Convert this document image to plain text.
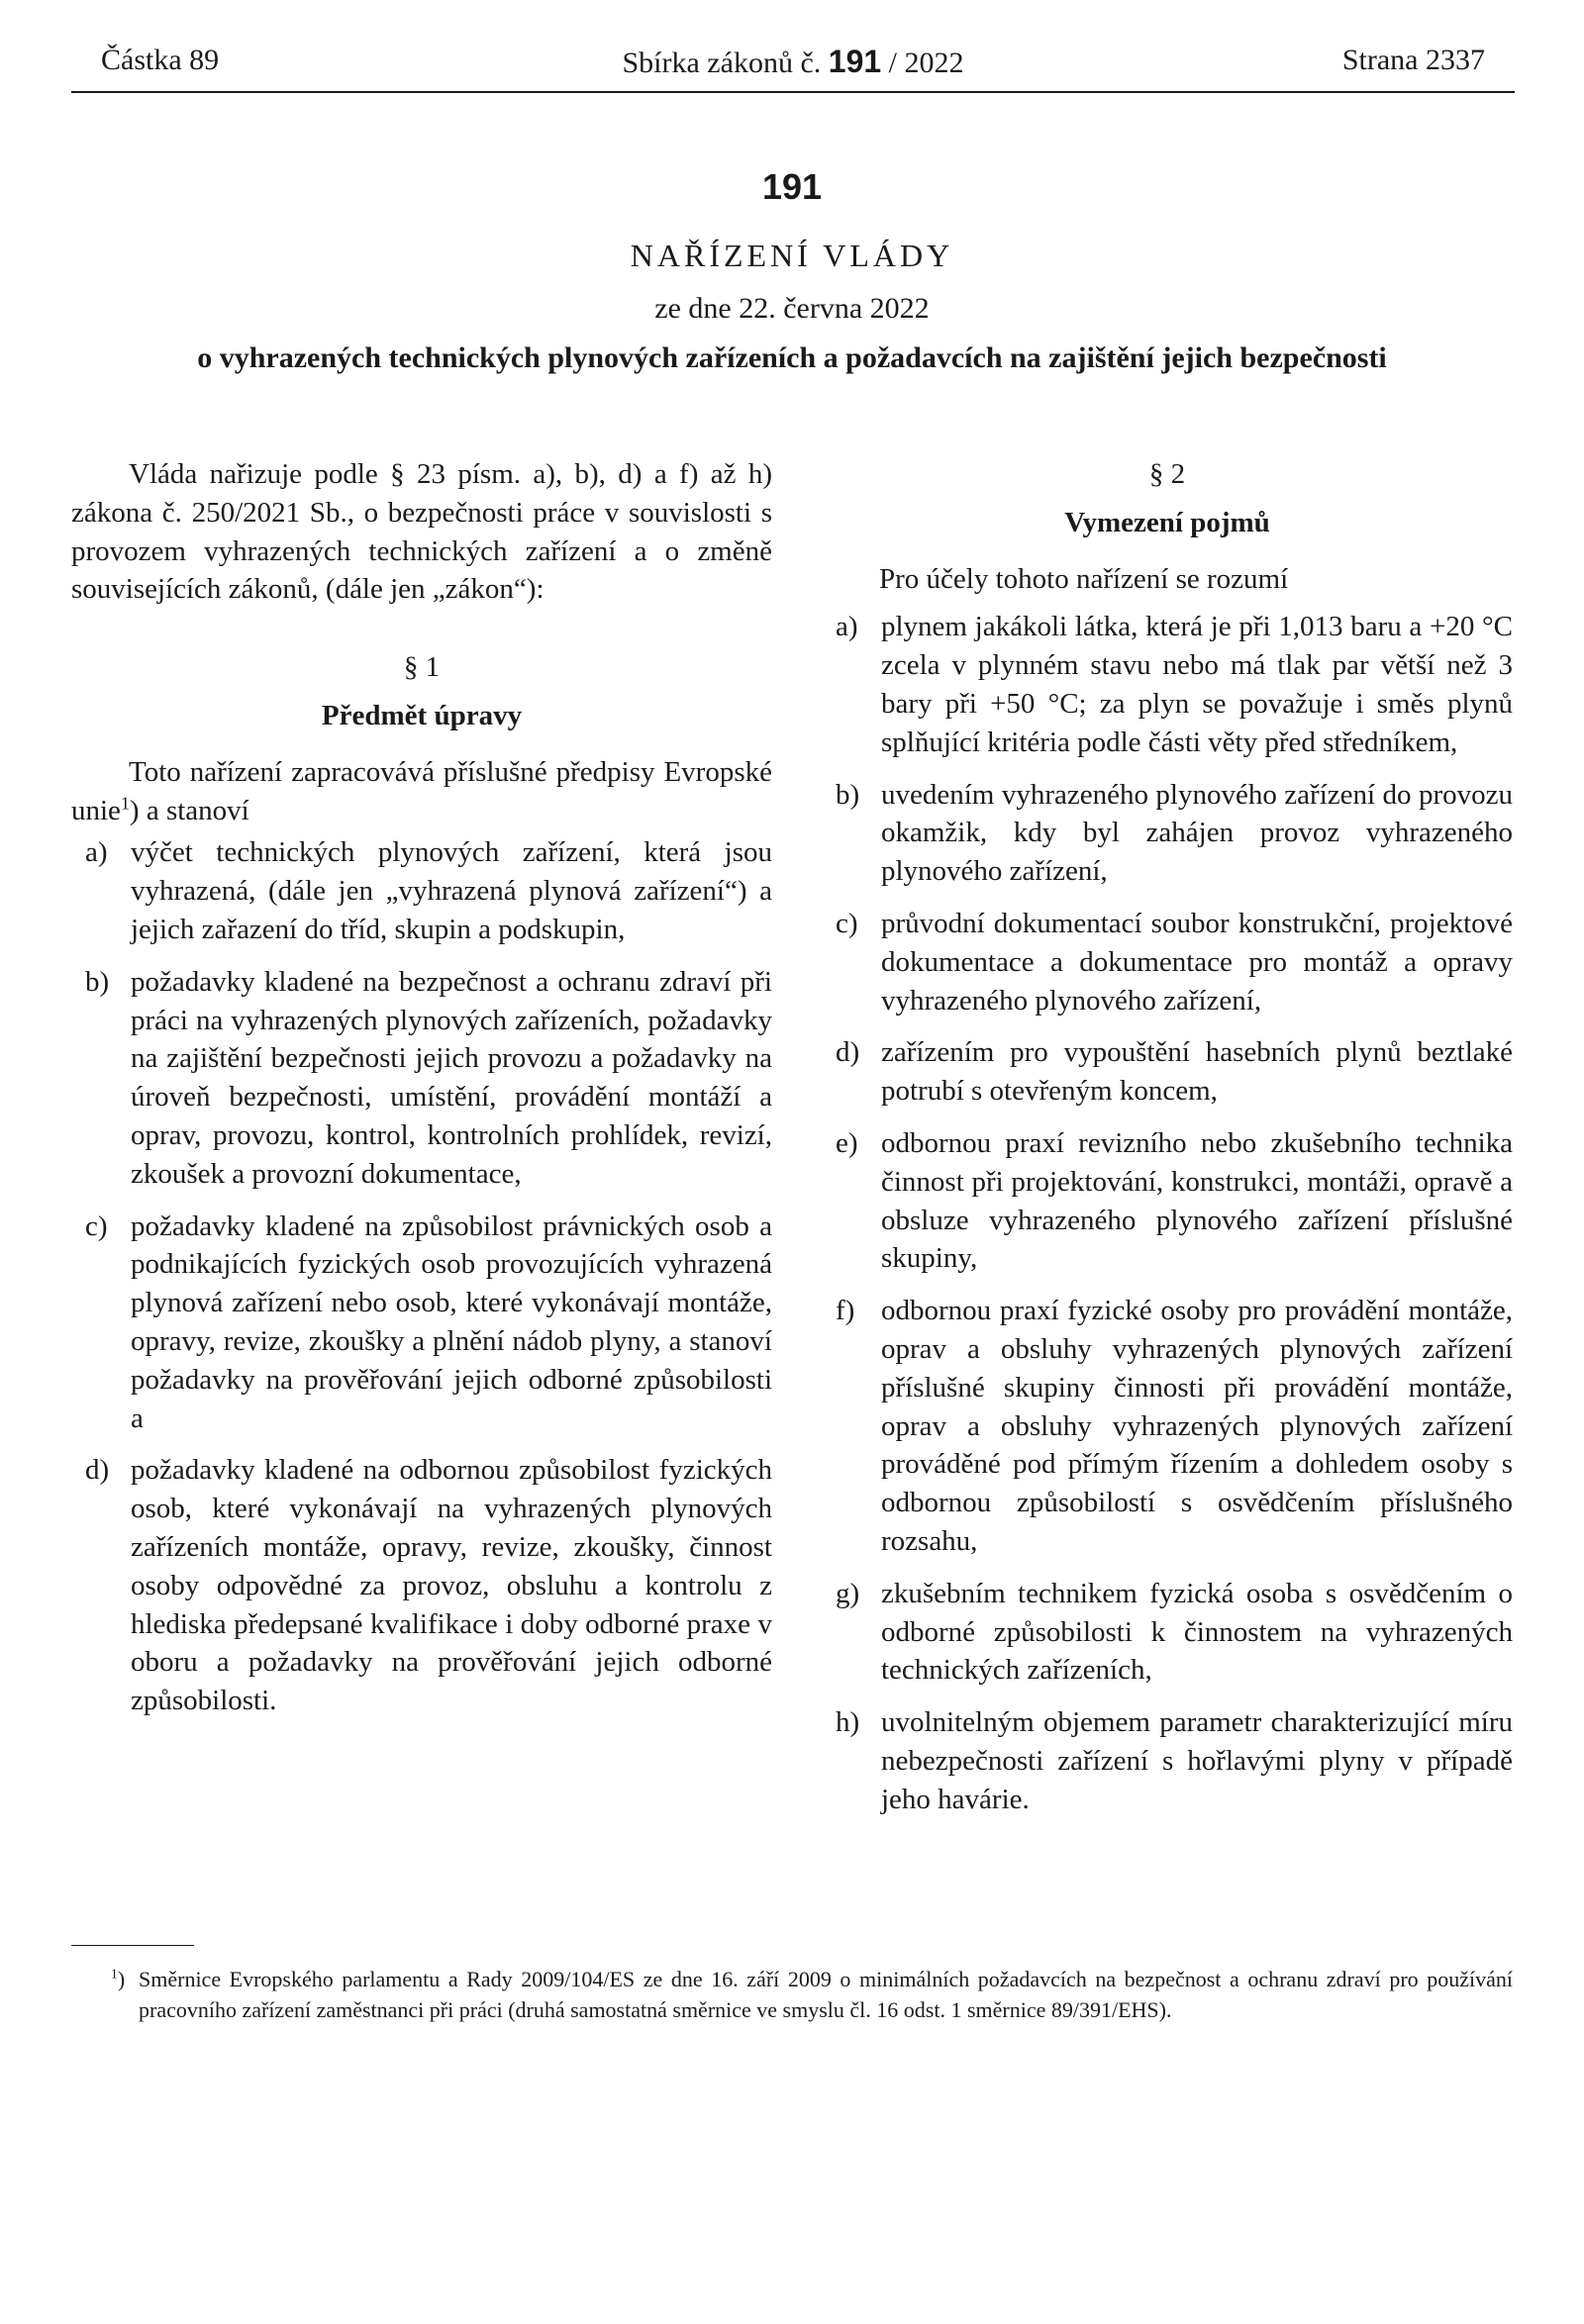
Částka 89	Sbírka zákonů č. 191 / 2022	Strana 2337
191
NAŘÍZENÍ VLÁDY
ze dne 22. června 2022
o vyhrazených technických plynových zařízeních a požadavcích na zajištění jejich bezpečnosti

Vláda nařizuje podle § 23 písm. a), b), d) a f) až h) zákona č. 250/2021 Sb., o bezpečnosti práce v souvislosti s provozem vyhrazených technických zařízení a o změně souvisejících zákonů, (dále jen „zákon“):

§ 1

Předmět úpravy

Toto nařízení zapracovává příslušné předpisy Evropské unie$^1$) a stanoví

a) výčet technických plynových zařízení, která jsou vyhrazená, (dále jen „vyhrazená plynová zařízení“) a jejich zařazení do tříd, skupin a podskupin,
b) požadavky kladené na bezpečnost a ochranu zdraví při práci na vyhrazených plynových zařízeních, požadavky na zajištění bezpečnosti jejich provozu a požadavky na úroveň bezpečnosti, umístění, provádění montáží a oprav, provozu, kontrol, kontrolních prohlídek, revizí, zkoušek a provozní dokumentace,
c) požadavky kladené na způsobilost právnických osob a podnikajících fyzických osob provozujících vyhrazená plynová zařízení nebo osob, které vykonávají montáže, opravy, revize, zkoušky a plnění nádob plyny, a stanoví požadavky na prověřování jejich odborné způsobilosti a
d) požadavky kladené na odbornou způsobilost fyzických osob, které vykonávají na vyhrazených plynových zařízeních montáže, opravy, revize, zkoušky, činnost osoby odpovědné za provoz, obsluhu a kontrolu z hlediska předepsané kvalifikace i doby odborné praxe v oboru a požadavky na prověřování jejich odborné způsobilosti.

§ 2

Vymezení pojmů

Pro účely tohoto nařízení se rozumí

a) plynem jakákoli látka, která je při 1,013 baru a +20 °C zcela v plynném stavu nebo má tlak par větší než 3 bary při +50 °C; za plyn se považuje i směs plynů splňující kritéria podle části věty před středníkem,
b) uvedením vyhrazeného plynového zařízení do provozu okamžik, kdy byl zahájen provoz vyhrazeného plynového zařízení,
c) průvodní dokumentací soubor konstrukční, projektové dokumentace a dokumentace pro montáž a opravy vyhrazeného plynového zařízení,
d) zařízením pro vypouštění hasebních plynů beztlaké potrubí s otevřeným koncem,
e) odbornou praxí revizního nebo zkušebního technika činnost při projektování, konstrukci, montáži, opravě a obsluze vyhrazeného plynového zařízení příslušné skupiny,
f) odbornou praxí fyzické osoby pro provádění montáže, oprav a obsluhy vyhrazených plynových zařízení příslušné skupiny činnosti při provádění montáže, oprav a obsluhy vyhrazených plynových zařízení prováděné pod přímým řízením a dohledem osoby s odbornou způsobilostí s osvědčením příslušného rozsahu,
g) zkušebním technikem fyzická osoba s osvědčením o odborné způsobilosti k činnostem na vyhrazených technických zařízeních,
h) uvolnitelným objemem parametr charakterizující míru nebezpečnosti zařízení s hořlavými plyny v případě jeho havárie.
$^1$) Směrnice Evropského parlamentu a Rady 2009/104/ES ze dne 16. září 2009 o minimálních požadavcích na bezpečnost a ochranu zdraví pro používání pracovního zařízení zaměstnanci při práci (druhá samostatná směrnice ve smyslu čl. 16 odst. 1 směrnice 89/391/EHS).
